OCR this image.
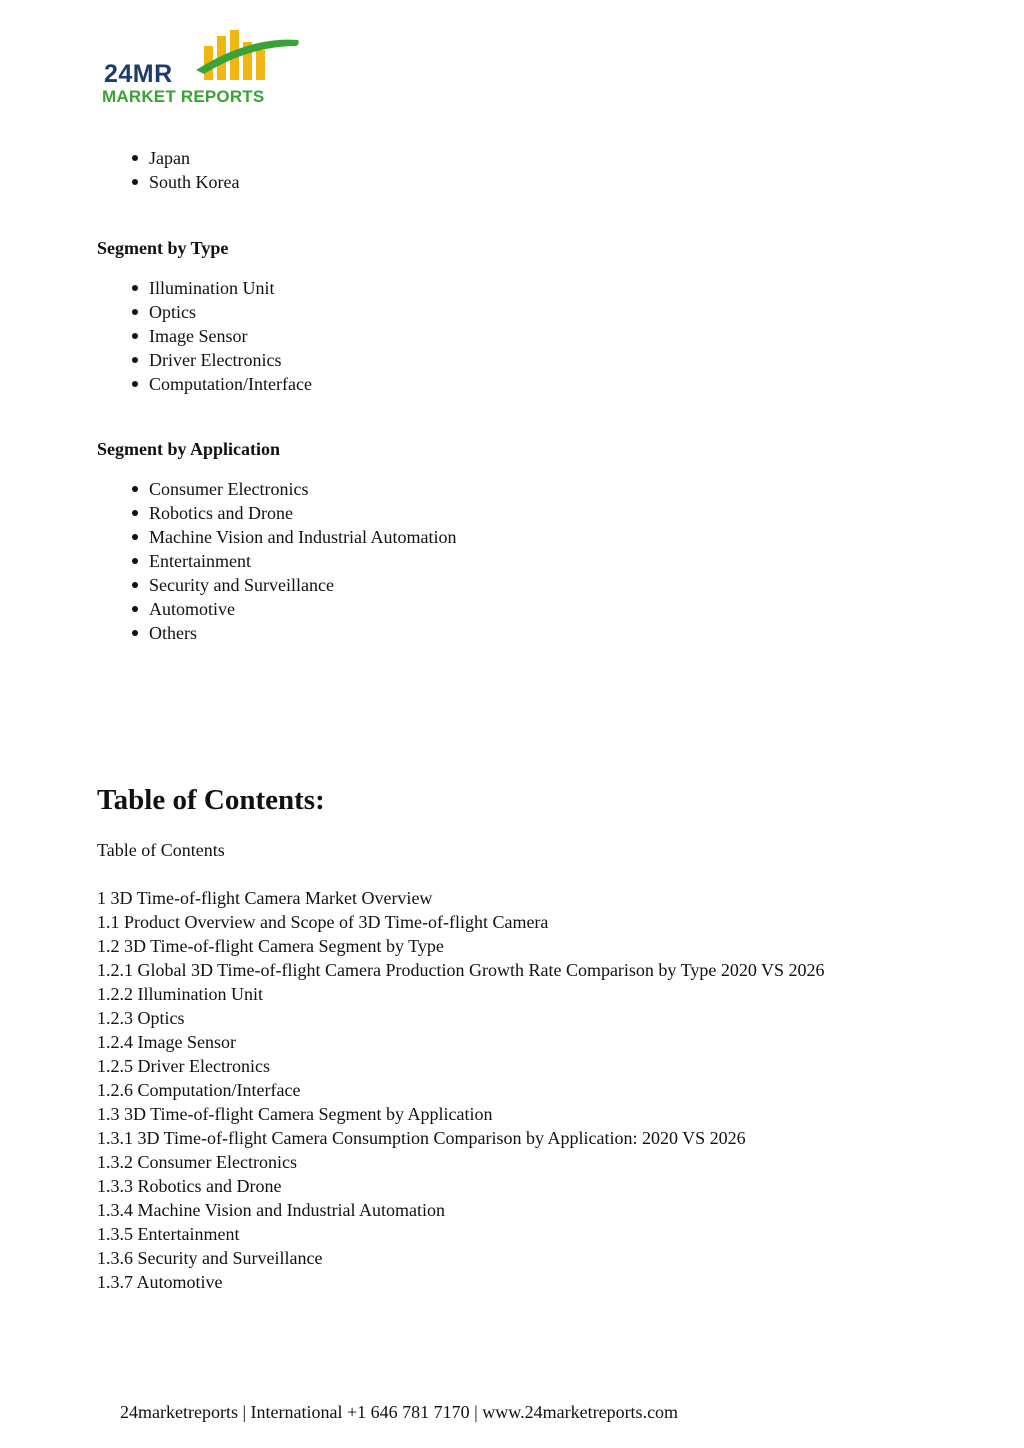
24MR
MARKET REPORTS
Japan
South Korea
Segment by Type
Illumination Unit
Optics
Image Sensor
Driver Electronics
Computation/Interface
Segment by Application
Consumer Electronics
Robotics and Drone
Machine Vision and Industrial Automation
Entertainment
Security and Surveillance
Automotive
Others
Table of Contents:
Table of Contents
1 3D Time-of-flight Camera Market Overview
1.1 Product Overview and Scope of 3D Time-of-flight Camera
1.2 3D Time-of-flight Camera Segment by Type
1.2.1 Global 3D Time-of-flight Camera Production Growth Rate Comparison by Type 2020 VS 2026
1.2.2 Illumination Unit
1.2.3 Optics
1.2.4 Image Sensor
1.2.5 Driver Electronics
1.2.6 Computation/Interface
1.3 3D Time-of-flight Camera Segment by Application
1.3.1 3D Time-of-flight Camera Consumption Comparison by Application: 2020 VS 2026
1.3.2 Consumer Electronics
1.3.3 Robotics and Drone
1.3.4 Machine Vision and Industrial Automation
1.3.5 Entertainment
1.3.6 Security and Surveillance
1.3.7 Automotive
24marketreports | International +1 646 781 7170 | www.24marketreports.com
